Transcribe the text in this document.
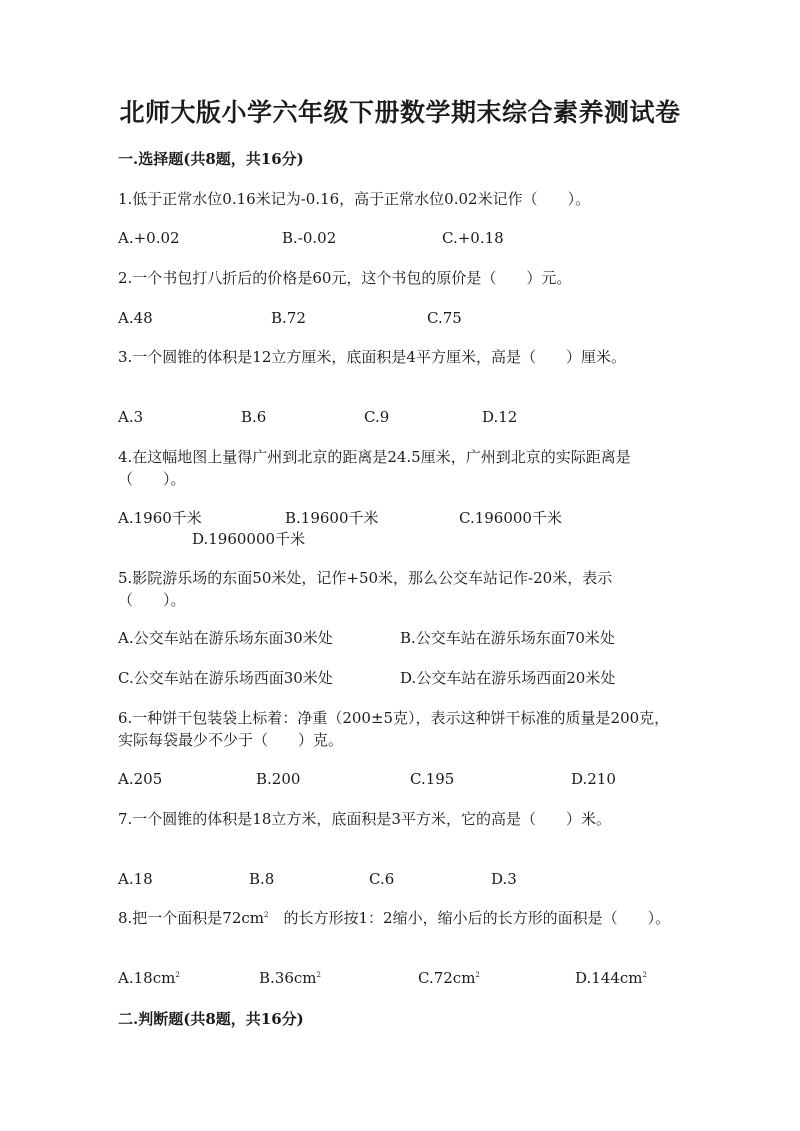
北师大版小学六年级下册数学期末综合素养测试卷
一.选择题(共8题，共16分)
1.低于正常水位0.16米记为-0.16，高于正常水位0.02米记作（　　）。
A.+0.02	B.-0.02	C.+0.18
2.一个书包打八折后的价格是60元，这个书包的原价是（　　）元。
A.48	B.72	C.75
3.一个圆锥的体积是12立方厘米，底面积是4平方厘米，高是（　　）厘米。
A.3	B.6	C.9	D.12
4.在这幅地图上量得广州到北京的距离是24.5厘米，广州到北京的实际距离是（　　）。
A.1960千米	B.19600千米	C.196000千米
D.1960000千米
5.影院游乐场的东面50米处，记作+50米，那么公交车站记作-20米，表示（　　）。
A.公交车站在游乐场东面30米处	B.公交车站在游乐场东面70米处
C.公交车站在游乐场西面30米处	D.公交车站在游乐场西面20米处
6.一种饼干包装袋上标着：净重（200±5克），表示这种饼干标准的质量是200克，实际每袋最少不少于（　　）克。
A.205	B.200	C.195	D.210
7.一个圆锥的体积是18立方米，底面积是3平方米，它的高是（　　）米。
A.18	B.8	C.6	D.3
8.把一个面积是$72cm^2$　 的长方形按1：2缩小，缩小后的长方形的面积是（　　）。
$A.18cm^2$	$B.36cm^2$	$C.72cm^2$	$D.144cm^2$
二.判断题(共8题，共16分)
